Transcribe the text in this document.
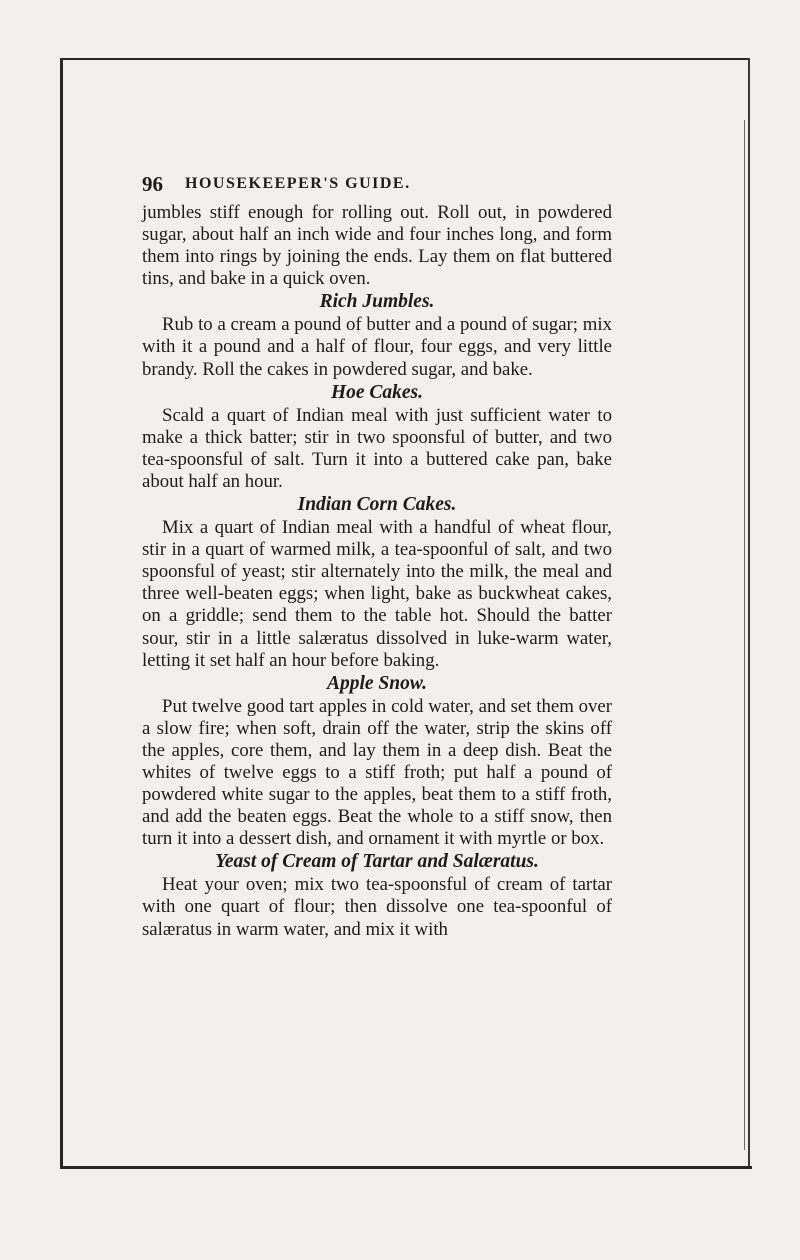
96 HOUSEKEEPER'S GUIDE.

jumbles stiff enough for rolling out. Roll out, in powdered sugar, about half an inch wide and four inches long, and form them into rings by joining the ends. Lay them on flat buttered tins, and bake in a quick oven.

Rich Jumbles.

Rub to a cream a pound of butter and a pound of sugar; mix with it a pound and a half of flour, four eggs, and very little brandy. Roll the cakes in powdered sugar, and bake.

Hoe Cakes.

Scald a quart of Indian meal with just sufficient water to make a thick batter; stir in two spoonsful of butter, and two tea-spoonsful of salt. Turn it into a buttered cake pan, bake about half an hour.

Indian Corn Cakes.

Mix a quart of Indian meal with a handful of wheat flour, stir in a quart of warmed milk, a tea-spoonful of salt, and two spoonsful of yeast; stir alternately into the milk, the meal and three well-beaten eggs; when light, bake as buckwheat cakes, on a griddle; send them to the table hot. Should the batter sour, stir in a little salæratus dissolved in luke-warm water, letting it set half an hour before baking.

Apple Snow.

Put twelve good tart apples in cold water, and set them over a slow fire; when soft, drain off the water, strip the skins off the apples, core them, and lay them in a deep dish. Beat the whites of twelve eggs to a stiff froth; put half a pound of powdered white sugar to the apples, beat them to a stiff froth, and add the beaten eggs. Beat the whole to a stiff snow, then turn it into a dessert dish, and ornament it with myrtle or box.

Yeast of Cream of Tartar and Salæratus.

Heat your oven; mix two tea-spoonsful of cream of tartar with one quart of flour; then dissolve one tea-spoonful of salæratus in warm water, and mix it with
